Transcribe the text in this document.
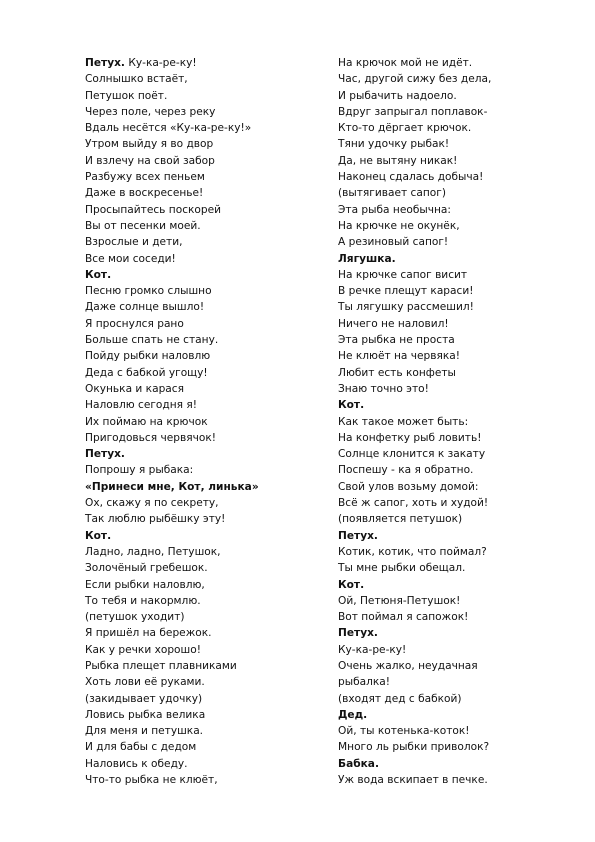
Петух. Ку-ка-ре-ку!
Солнышко встаёт,
Петушок поёт.
Через поле, через реку
Вдаль несётся «Ку-ка-ре-ку!»
Утром выйду я во двор
И взлечу на свой забор
Разбужу всех пеньем
Даже в воскресенье!
Просыпайтесь поскорей
Вы от песенки моей.
Взрослые и дети,
Все мои соседи!
Кот.
Песню громко слышно
Даже солнце вышло!
Я проснулся рано
Больше спать не стану.
Пойду рыбки наловлю
Деда с бабкой угощу!
Окунька и карася
Наловлю сегодня я!
Их поймаю на крючок
Пригодовься червячок!
Петух.
Попрошу я рыбака:
«Принеси мне, Кот, линька»
Ох, скажу я по секрету,
Так люблю рыбёшку эту!
Кот.
Ладно, ладно, Петушок,
Золочёный гребешок.
Если рыбки наловлю,
То тебя и накормлю.
(петушок уходит)
Я пришёл на бережок.
Как у речки хорошо!
Рыбка плещет плавниками
Хоть лови её руками.
(закидывает удочку)
Ловись рыбка велика
Для меня и петушка.
И для бабы с дедом
Наловись к обеду.
Что-то рыбка не клюёт,
На крючок мой не идёт.
Час, другой сижу без дела,
И рыбачить надоело.
Вдруг запрыгал поплавок-
Кто-то дёргает крючок.
Тяни удочку рыбак!
Да, не вытяну никак!
Наконец сдалась добыча!
(вытягивает сапог)
Эта рыба необычна:
На крючке не окунёк,
А резиновый сапог!
Лягушка.
На крючке сапог висит
В речке плещут караси!
Ты лягушку рассмешил!
Ничего не наловил!
Эта рыбка не проста
Не клюёт на червяка!
Любит есть конфеты
Знаю точно это!
Кот.
Как такое может быть:
На конфетку рыб ловить!
Солнце клонится к закату
Поспешу - ка я обратно.
Свой улов возьму домой:
Всё ж сапог, хоть и худой!
(появляется петушок)
Петух.
Котик, котик, что поймал?
Ты мне рыбки обещал.
Кот.
Ой, Петюня-Петушок!
Вот поймал я сапожок!
Петух.
Ку-ка-ре-ку!
Очень жалко, неудачная
рыбалка!
(входят дед с бабкой)
Дед.
Ой, ты котенька-коток!
Много ль рыбки приволок?
Бабка.
Уж вода вскипает в печке.
